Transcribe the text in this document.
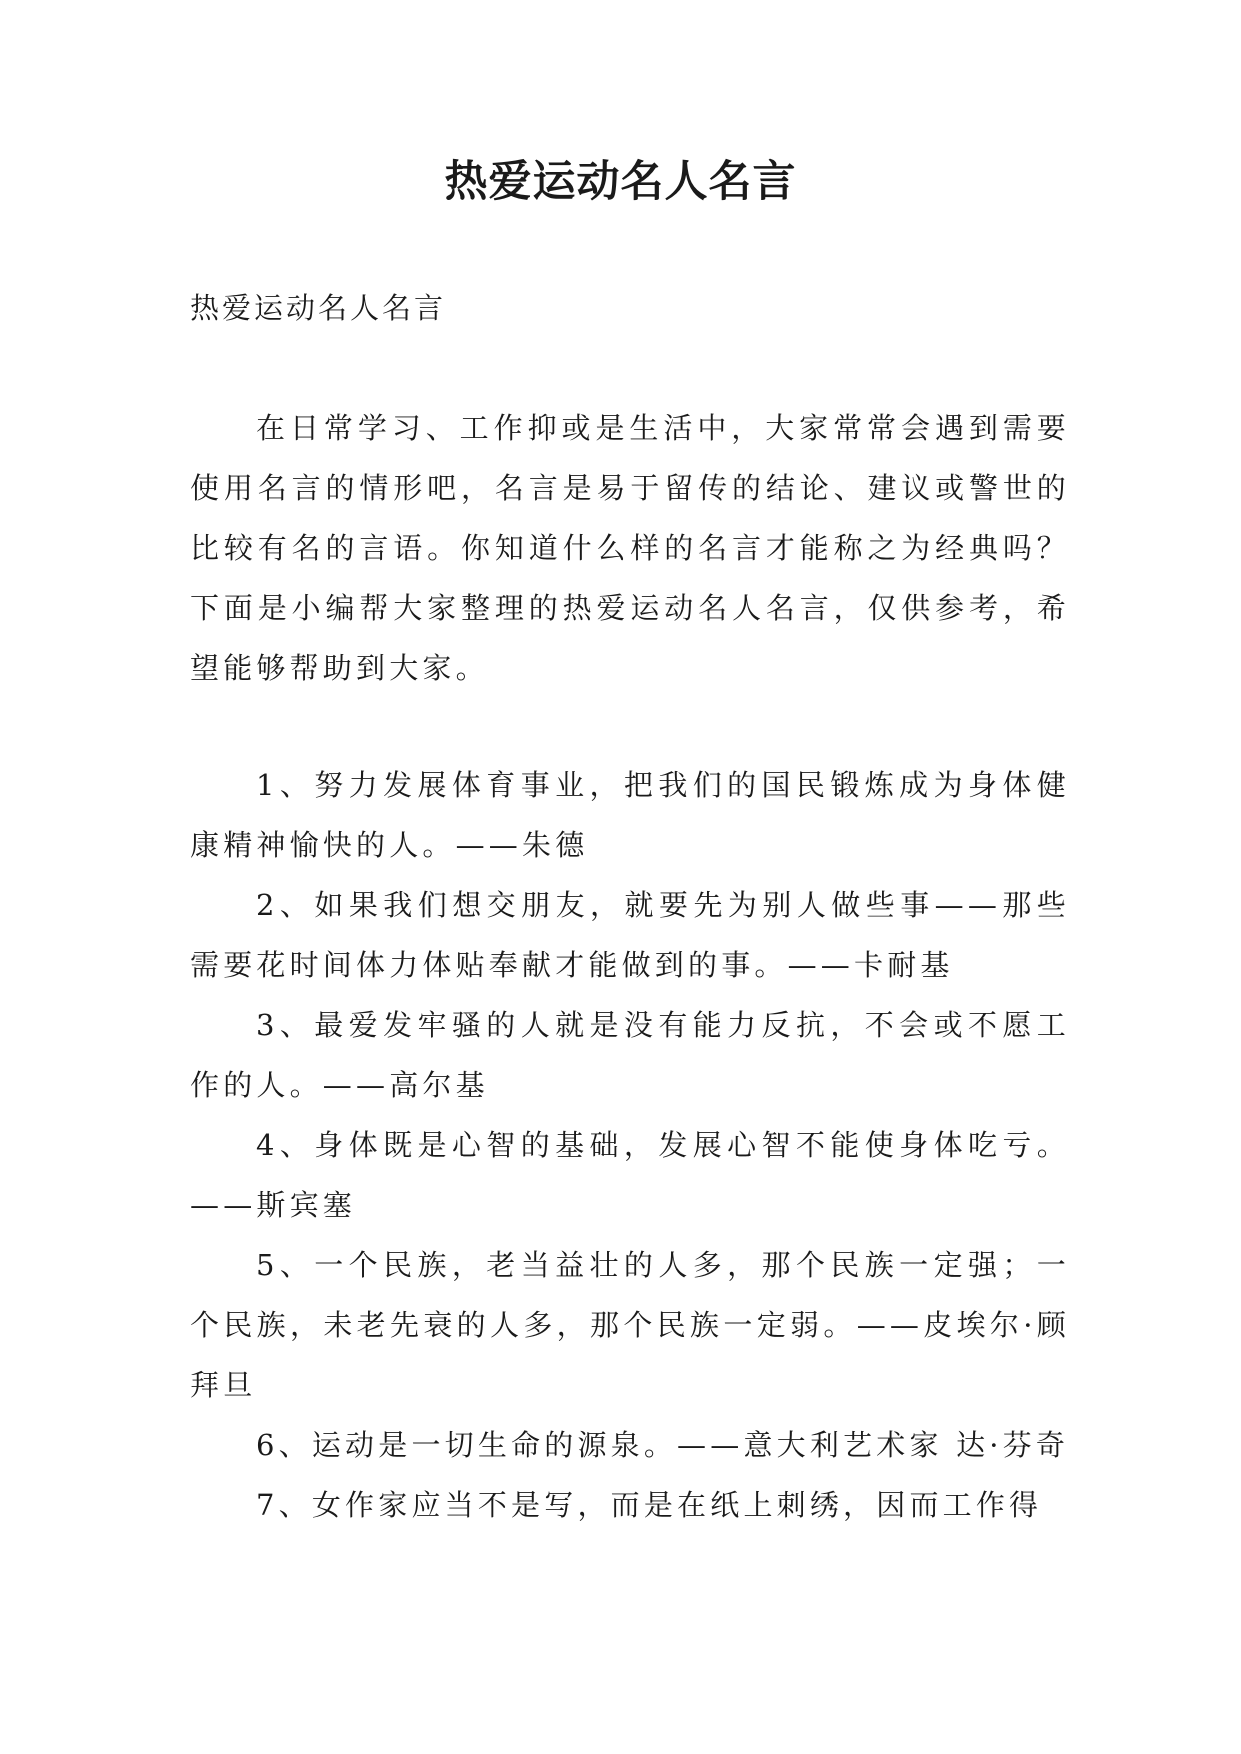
热爱运动名人名言
热爱运动名人名言

在日常学习、工作抑或是生活中，大家常常会遇到需要使用名言的情形吧，名言是易于留传的结论、建议或警世的比较有名的言语。你知道什么样的名言才能称之为经典吗？下面是小编帮大家整理的热爱运动名人名言，仅供参考，希望能够帮助到大家。

1、努力发展体育事业，把我们的国民锻炼成为身体健康精神愉快的人。——朱德

2、如果我们想交朋友，就要先为别人做些事——那些需要花时间体力体贴奉献才能做到的事。——卡耐基

3、最爱发牢骚的人就是没有能力反抗，不会或不愿工作的人。——高尔基

4、身体既是心智的基础，发展心智不能使身体吃亏。——斯宾塞

5、一个民族，老当益壮的人多，那个民族一定强；一个民族，未老先衰的人多，那个民族一定弱。——皮埃尔·顾拜旦

6、运动是一切生命的源泉。——意大利艺术家 达·芬奇

7、女作家应当不是写，而是在纸上刺绣，因而工作得
